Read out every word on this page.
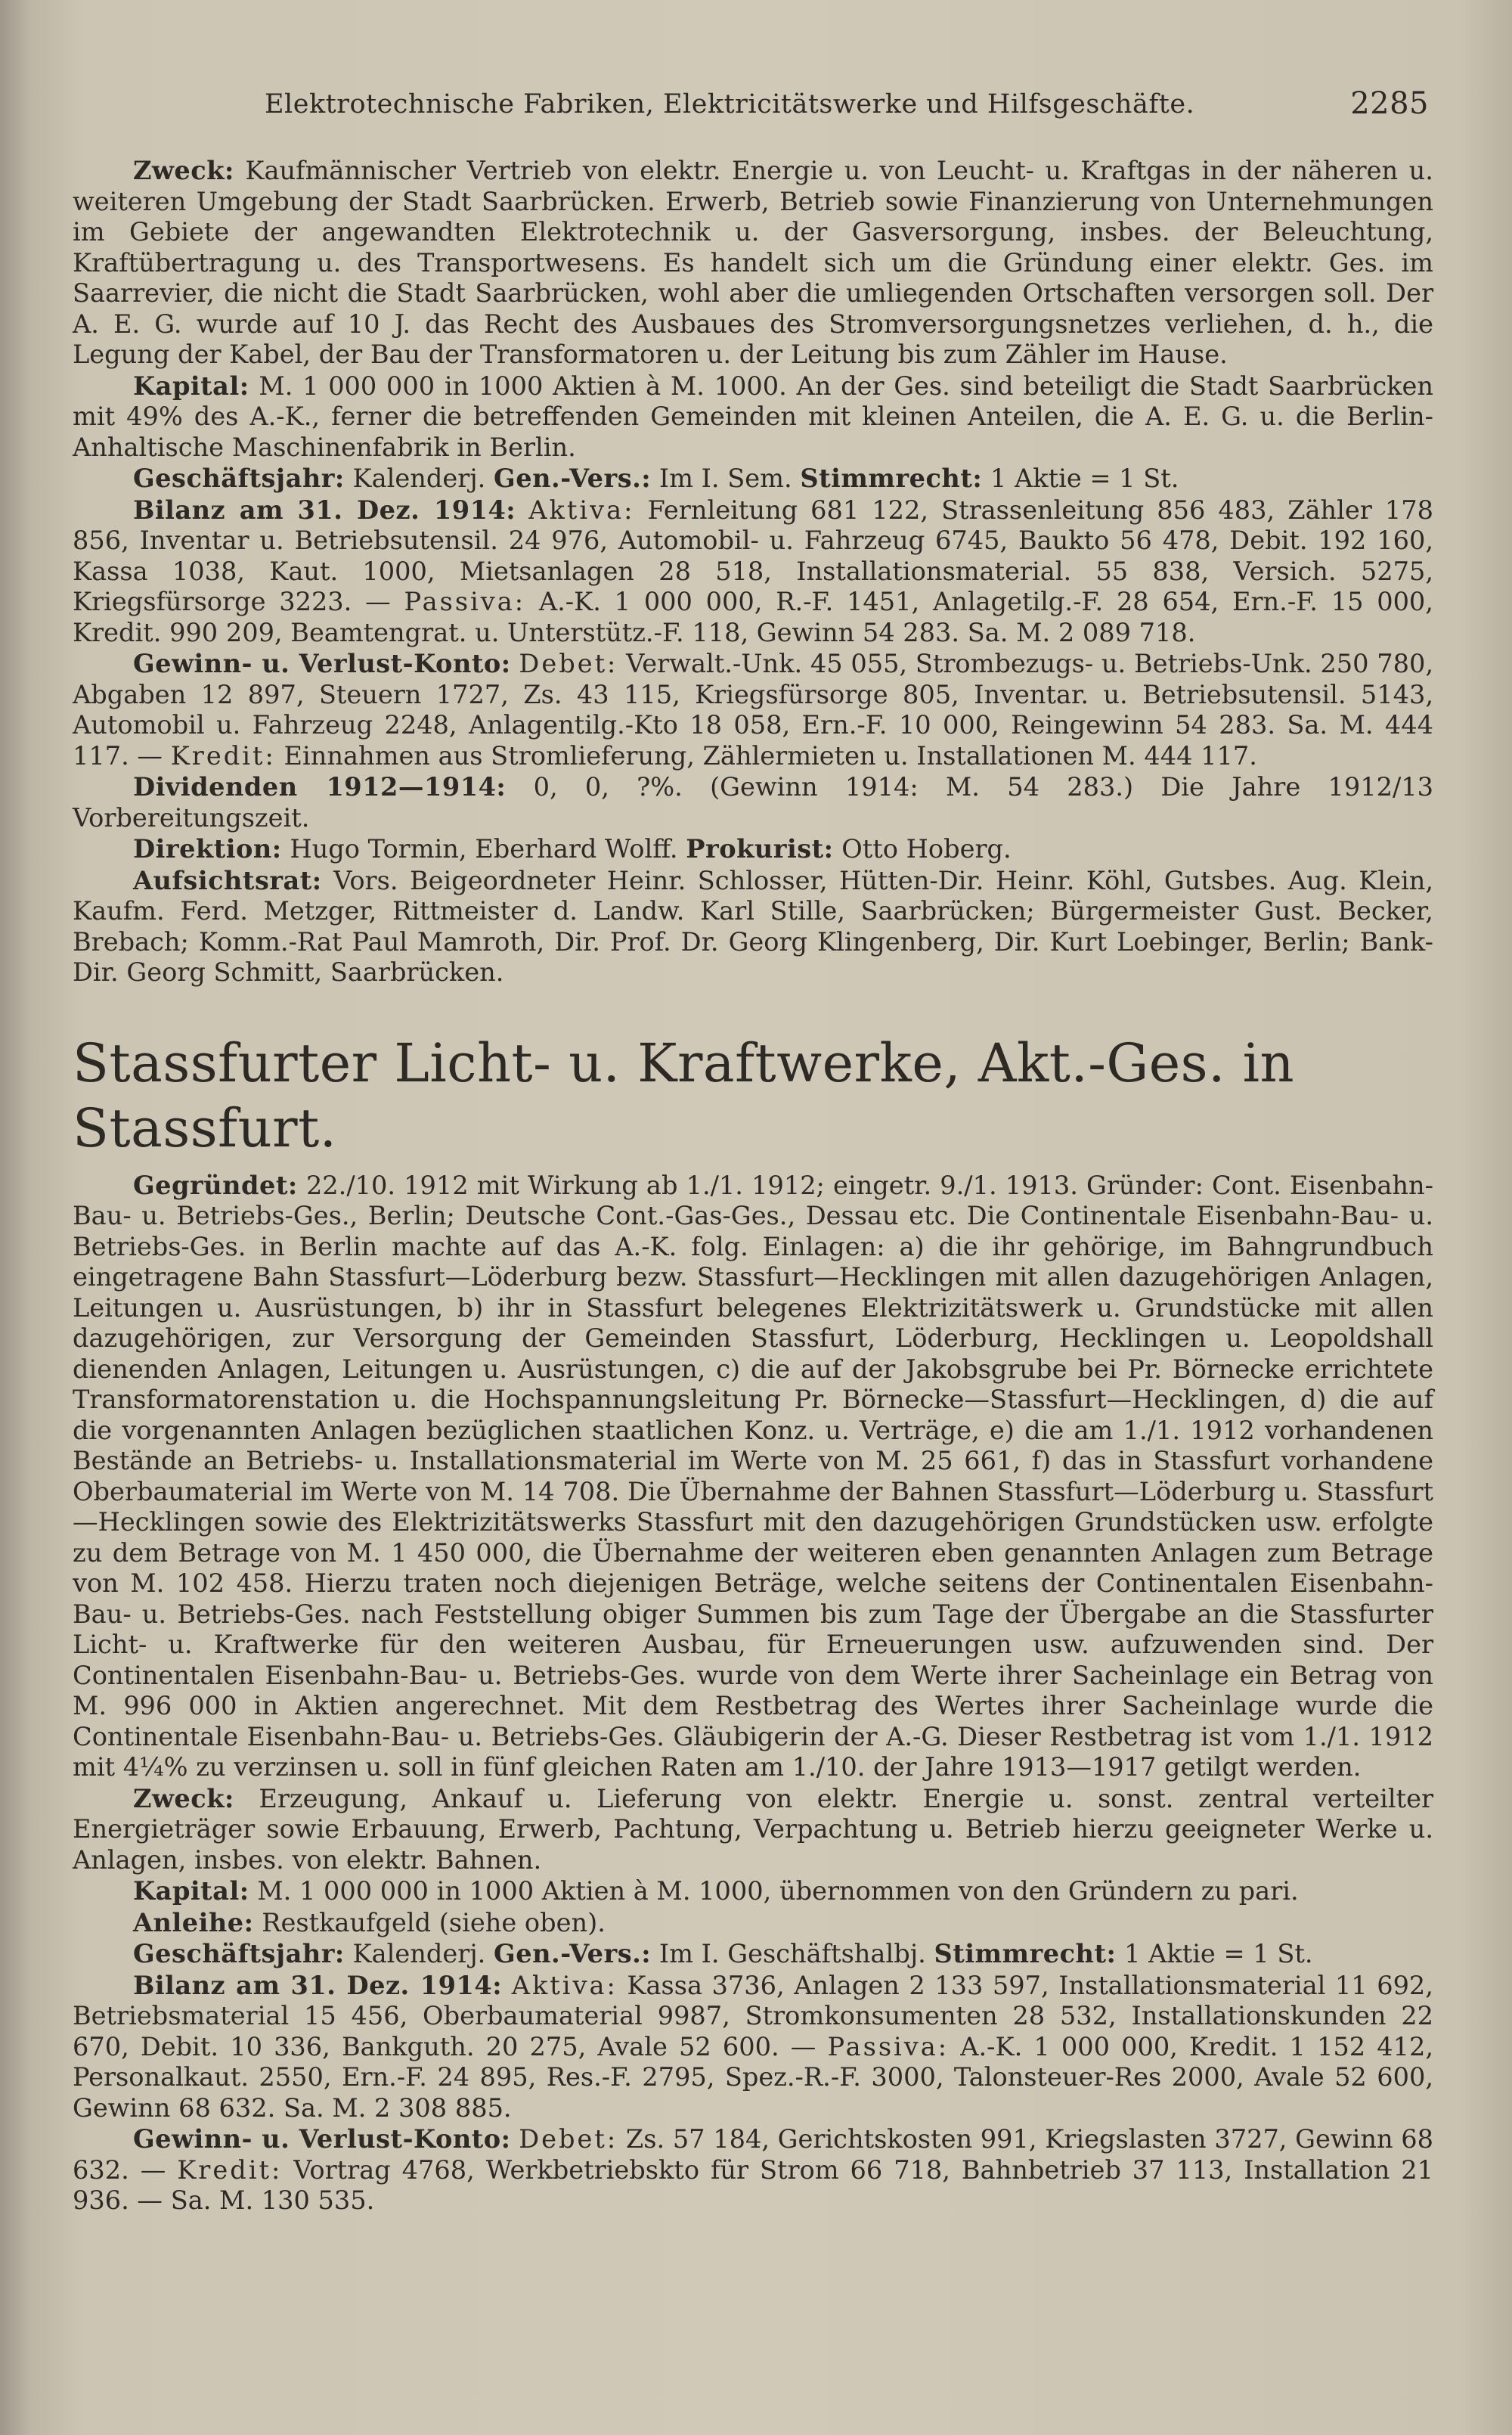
Elektrotechnische Fabriken, Elektricitätswerke und Hilfsgeschäfte.	2285

Zweck: Kaufmännischer Vertrieb von elektr. Energie u. von Leucht- u. Kraftgas in der näheren u. weiteren Umgebung der Stadt Saarbrücken. Erwerb, Betrieb sowie Finanzierung von Unternehmungen im Gebiete der angewandten Elektrotechnik u. der Gasversorgung, insbes. der Beleuchtung, Kraftübertragung u. des Transportwesens. Es handelt sich um die Gründung einer elektr. Ges. im Saarrevier, die nicht die Stadt Saarbrücken, wohl aber die umliegenden Ortschaften versorgen soll. Der A. E. G. wurde auf 10 J. das Recht des Ausbaues des Stromversorgungsnetzes verliehen, d. h., die Legung der Kabel, der Bau der Transformatoren u. der Leitung bis zum Zähler im Hause.

Kapital: M. 1 000 000 in 1000 Aktien à M. 1000. An der Ges. sind beteiligt die Stadt Saarbrücken mit 49% des A.-K., ferner die betreffenden Gemeinden mit kleinen Anteilen, die A. E. G. u. die Berlin-Anhaltische Maschinenfabrik in Berlin.

Geschäftsjahr: Kalenderj. Gen.-Vers.: Im I. Sem. Stimmrecht: 1 Aktie = 1 St.

Bilanz am 31. Dez. 1914: Aktiva: Fernleitung 681 122, Strassenleitung 856 483, Zähler 178 856, Inventar u. Betriebsutensil. 24 976, Automobil- u. Fahrzeug 6745, Baukto 56 478, Debit. 192 160, Kassa 1038, Kaut. 1000, Mietsanlagen 28 518, Installationsmaterial. 55 838, Versich. 5275, Kriegsfürsorge 3223. — Passiva: A.-K. 1 000 000, R.-F. 1451, Anlagetilg.-F. 28 654, Ern.-F. 15 000, Kredit. 990 209, Beamtengrat. u. Unterstütz.-F. 118, Gewinn 54 283. Sa. M. 2 089 718.

Gewinn- u. Verlust-Konto: Debet: Verwalt.-Unk. 45 055, Strombezugs- u. Betriebs-Unk. 250 780, Abgaben 12 897, Steuern 1727, Zs. 43 115, Kriegsfürsorge 805, Inventar. u. Betriebsutensil. 5143, Automobil u. Fahrzeug 2248, Anlagentilg.-Kto 18 058, Ern.-F. 10 000, Reingewinn 54 283. Sa. M. 444 117. — Kredit: Einnahmen aus Stromlieferung, Zählermieten u. Installationen M. 444 117.

Dividenden 1912—1914: 0, 0, ?%. (Gewinn 1914: M. 54 283.) Die Jahre 1912/13 Vorbereitungszeit.

Direktion: Hugo Tormin, Eberhard Wolff. Prokurist: Otto Hoberg.

Aufsichtsrat: Vors. Beigeordneter Heinr. Schlosser, Hütten-Dir. Heinr. Köhl, Gutsbes. Aug. Klein, Kaufm. Ferd. Metzger, Rittmeister d. Landw. Karl Stille, Saarbrücken; Bürgermeister Gust. Becker, Brebach; Komm.-Rat Paul Mamroth, Dir. Prof. Dr. Georg Klingenberg, Dir. Kurt Loebinger, Berlin; Bank-Dir. Georg Schmitt, Saarbrücken.

Stassfurter Licht- u. Kraftwerke, Akt.-Ges. in Stassfurt.

Gegründet: 22./10. 1912 mit Wirkung ab 1./1. 1912; eingetr. 9./1. 1913. Gründer: Cont. Eisenbahn-Bau- u. Betriebs-Ges., Berlin; Deutsche Cont.-Gas-Ges., Dessau etc. Die Continentale Eisenbahn-Bau- u. Betriebs-Ges. in Berlin machte auf das A.-K. folg. Einlagen: a) die ihr gehörige, im Bahngrundbuch eingetragene Bahn Stassfurt—Löderburg bezw. Stassfurt—Hecklingen mit allen dazugehörigen Anlagen, Leitungen u. Ausrüstungen, b) ihr in Stassfurt belegenes Elektrizitätswerk u. Grundstücke mit allen dazugehörigen, zur Versorgung der Gemeinden Stassfurt, Löderburg, Hecklingen u. Leopoldshall dienenden Anlagen, Leitungen u. Ausrüstungen, c) die auf der Jakobsgrube bei Pr. Börnecke errichtete Transformatorenstation u. die Hochspannungsleitung Pr. Börnecke—Stassfurt—Hecklingen, d) die auf die vorgenannten Anlagen bezüglichen staatlichen Konz. u. Verträge, e) die am 1./1. 1912 vorhandenen Bestände an Betriebs- u. Installationsmaterial im Werte von M. 25 661, f) das in Stassfurt vorhandene Oberbaumaterial im Werte von M. 14 708. Die Übernahme der Bahnen Stassfurt—Löderburg u. Stassfurt—Hecklingen sowie des Elektrizitätswerks Stassfurt mit den dazugehörigen Grundstücken usw. erfolgte zu dem Betrage von M. 1 450 000, die Übernahme der weiteren eben genannten Anlagen zum Betrage von M. 102 458. Hierzu traten noch diejenigen Beträge, welche seitens der Continentalen Eisenbahn-Bau- u. Betriebs-Ges. nach Feststellung obiger Summen bis zum Tage der Übergabe an die Stassfurter Licht- u. Kraftwerke für den weiteren Ausbau, für Erneuerungen usw. aufzuwenden sind. Der Continentalen Eisenbahn-Bau- u. Betriebs-Ges. wurde von dem Werte ihrer Sacheinlage ein Betrag von M. 996 000 in Aktien angerechnet. Mit dem Restbetrag des Wertes ihrer Sacheinlage wurde die Continentale Eisenbahn-Bau- u. Betriebs-Ges. Gläubigerin der A.-G. Dieser Restbetrag ist vom 1./1. 1912 mit 4¼% zu verzinsen u. soll in fünf gleichen Raten am 1./10. der Jahre 1913—1917 getilgt werden.

Zweck: Erzeugung, Ankauf u. Lieferung von elektr. Energie u. sonst. zentral verteilter Energieträger sowie Erbauung, Erwerb, Pachtung, Verpachtung u. Betrieb hierzu geeigneter Werke u. Anlagen, insbes. von elektr. Bahnen.

Kapital: M. 1 000 000 in 1000 Aktien à M. 1000, übernommen von den Gründern zu pari.

Anleihe: Restkaufgeld (siehe oben).

Geschäftsjahr: Kalenderj. Gen.-Vers.: Im I. Geschäftshalbj. Stimmrecht: 1 Aktie = 1 St.

Bilanz am 31. Dez. 1914: Aktiva: Kassa 3736, Anlagen 2 133 597, Installationsmaterial 11 692, Betriebsmaterial 15 456, Oberbaumaterial 9987, Stromkonsumenten 28 532, Installationskunden 22 670, Debit. 10 336, Bankguth. 20 275, Avale 52 600. — Passiva: A.-K. 1 000 000, Kredit. 1 152 412, Personalkaut. 2550, Ern.-F. 24 895, Res.-F. 2795, Spez.-R.-F. 3000, Talonsteuer-Res 2000, Avale 52 600, Gewinn 68 632. Sa. M. 2 308 885.

Gewinn- u. Verlust-Konto: Debet: Zs. 57 184, Gerichtskosten 991, Kriegslasten 3727, Gewinn 68 632. — Kredit: Vortrag 4768, Werkbetriebskto für Strom 66 718, Bahnbetrieb 37 113, Installation 21 936. — Sa. M. 130 535.
